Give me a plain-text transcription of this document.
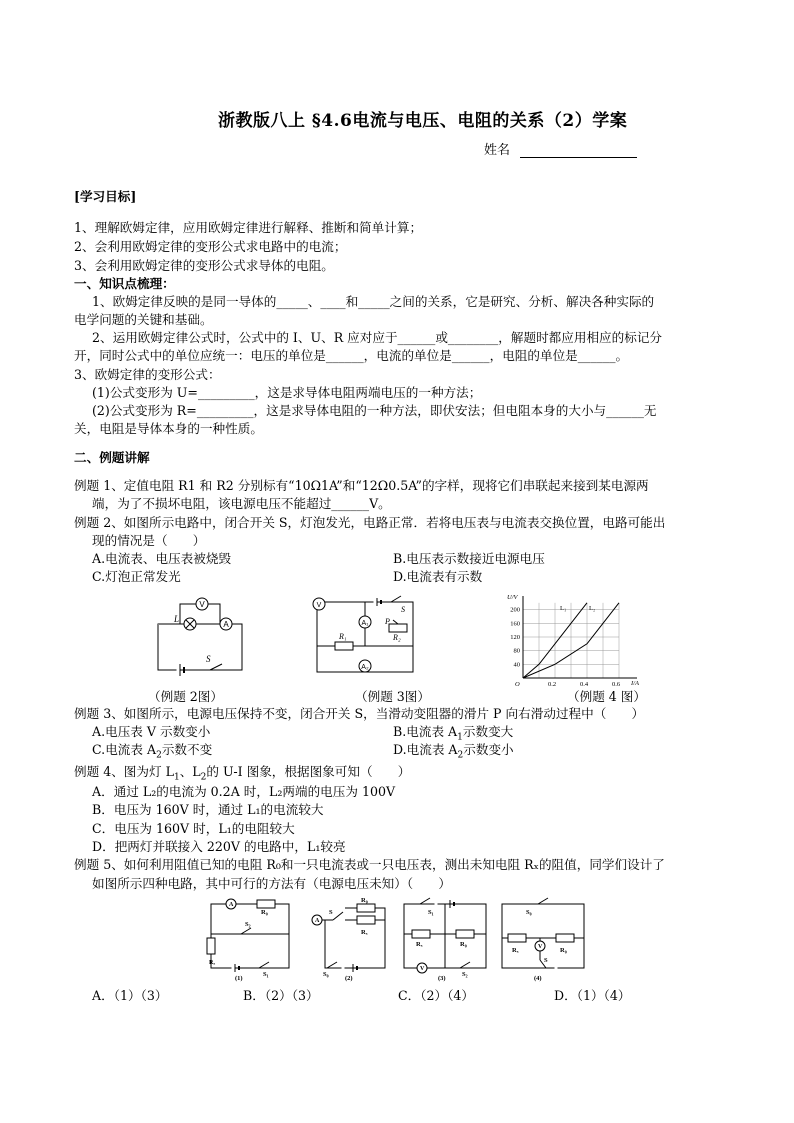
浙教版八上 §4.6电流与电压、电阻的关系（2）学案
姓名
[学习目标]
1、理解欧姆定律，应用欧姆定律进行解释、推断和简单计算；
2、会利用欧姆定律的变形公式求电路中的电流；
3、会利用欧姆定律的变形公式求导体的电阻。
一、知识点梳理：
1、欧姆定律反映的是同一导体的_____、____和_____之间的关系，它是研究、分析、解决各种实际的
电学问题的关键和基础。
2、运用欧姆定律公式时，公式中的 I、U、R 应对应于______或________，解题时都应用相应的标记分
开，同时公式中的单位应统一：电压的单位是______，电流的单位是______，电阻的单位是______。
3、欧姆定律的变形公式：
(1)公式变形为 U=_________，这是求导体电阻两端电压的一种方法；
(2)公式变形为 R=_________，这是求导体电阻的一种方法，即伏安法；但电阻本身的大小与______无
关，电阻是导体本身的一种性质。
二、例题讲解
例题 1、定值电阻 R1 和 R2 分别标有“10Ω1A”和“12Ω0.5A”的字样，现将它们串联起来接到某电源两
端，为了不损坏电阻，该电源电压不能超过______V。
例题 2、如图所示电路中，闭合开关 S，灯泡发光，电路正常．若将电压表与电流表交换位置，电路可能出
现的情况是（　　）
A.电流表、电压表被烧毁	B.电压表示数接近电源电压
C.灯泡正常发光	D.电流表有示数
V
A
L
S
V
A₁
A₂
R₁	R₂
P
S
U/V
I/A
O
200
160
120
80
40
0.2	0.4	0.6
L₁	L₂
（例题 2图）	（例题 3图）	（例题 4 图）
例题 3、如图所示，电源电压保持不变，闭合开关 S，当滑动变阻器的滑片 P 向右滑动过程中（　　）
A.电压表 V 示数变小	B.电流表 $A_1$示数变大
C.电流表 $A_2$示数不变	D.电流表 $A_2$示数变小
例题 4、图为灯 $L_1$、$L_2$的 U-I 图象，根据图象可知（　　）
A．通过 L₂的电流为 0.2A 时，L₂两端的电压为 100V
B．电压为 160V 时，通过 L₁的电流较大
C．电压为 160V 时，L₁的电阻较大
D．把两灯并联接入 220V 的电路中，L₁较亮
例题 5、如何利用阻值已知的电阻 R₀和一只电流表或一只电压表，测出未知电阻 Rₓ的阻值，同学们设计了
如图所示四种电路，其中可行的方法有（电源电压未知）（　　）
A
R₀
Rₓ
S₂
S₁
(1)
A
R₀
Rₓ
S
S₀
(2)
V
S₁
Rₓ	R₀
S₂
(3)
V
S₀
Rₓ	R₀
S
(4)
A．（1）（3）	B．（2）（3）	C．（2）（4）	D．（1）（4）
